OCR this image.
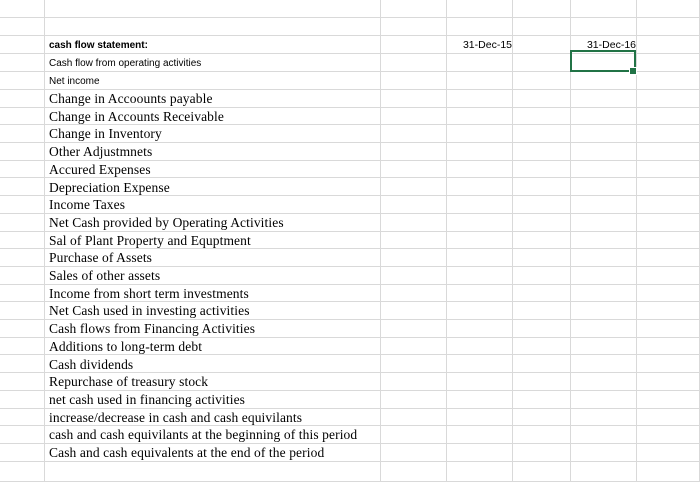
cash flow statement:	31-Dec-15	31-Dec-16
Cash flow from operating activities
Net income
Change in Accoounts payable
Change in Accounts Receivable
Change in Inventory
Other Adjustmnets
Accured Expenses
Depreciation Expense
Income Taxes
Net Cash provided by Operating Activities
Sal of Plant Property and Equptment
Purchase of Assets
Sales of other assets
Income from short term investments
Net Cash used in investing activities
Cash flows from Financing Activities
Additions to long-term debt
Cash dividends
Repurchase of treasury stock
net cash used in financing activities
increase/decrease in cash and cash equivilants
cash and cash equivilants at the beginning of this period
Cash and cash equivalents at the end of the period
